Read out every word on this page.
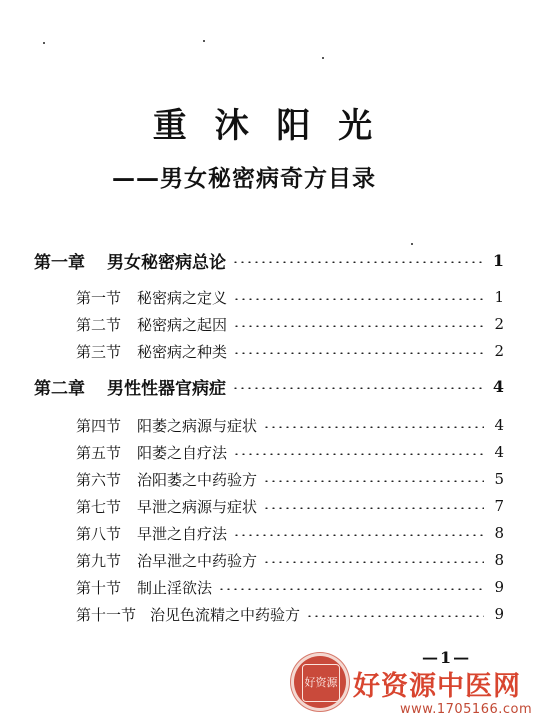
重 沐 阳 光
——男女秘密病奇方目录
第一章 男女秘密病总论	1
第一节 秘密病之定义	1
第二节 秘密病之起因	2
第三节 秘密病之种类	2
第二章 男性性器官病症	4
第四节 阳萎之病源与症状	4
第五节 阳萎之自疗法	4
第六节 治阳萎之中药验方	5
第七节 早泄之病源与症状	7
第八节 早泄之自疗法	8
第九节 治早泄之中药验方	8
第十节 制止淫欲法	9
第十一节 治见色流精之中药验方	9
—1—
好资源 好资源中医网
www.1705166.com
